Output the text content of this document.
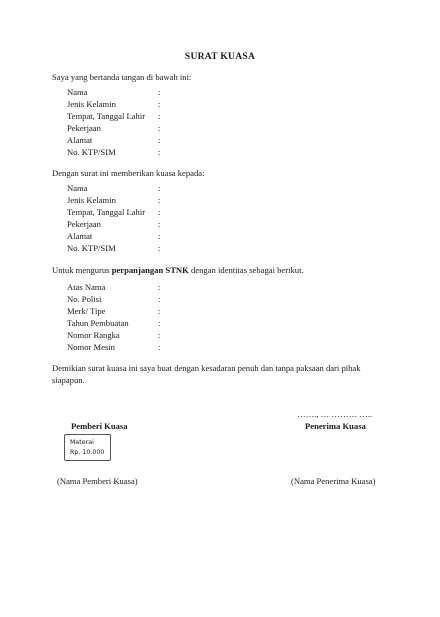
SURAT KUASA
Saya yang bertanda tangan di bawah ini:
Nama	:
Jenis Kelamin	:
Tempat, Tanggal Lahir :
Pekerjaan	:
Alamat	:
No. KTP/SIM	:
Dengan surat ini memberikan kuasa kepada:
Nama	:
Jenis Kelamin	:
Tempat, Tanggal Lahir :
Pekerjaan	:
Alamat	:
No. KTP/SIM	:
Untuk mengurus perpanjangan STNK dengan identitas sebagai berikut.
Atas Nama	:
No. Polisi	:
Merk/ Tipe	:
Tahun Pembuatan	:
Nomor Rangka	:
Nomor Mesin	:
Demikian surat kuasa ini saya buat dengan kesadaran penuh dan tanpa paksaan dari pihak
siapapun.
……., … ……… …..
Pemberi Kuasa	Penerima Kuasa
Materai
Rp. 10.000
(Nama Pemberi Kuasa)	(Nama Penerima Kuasa)
